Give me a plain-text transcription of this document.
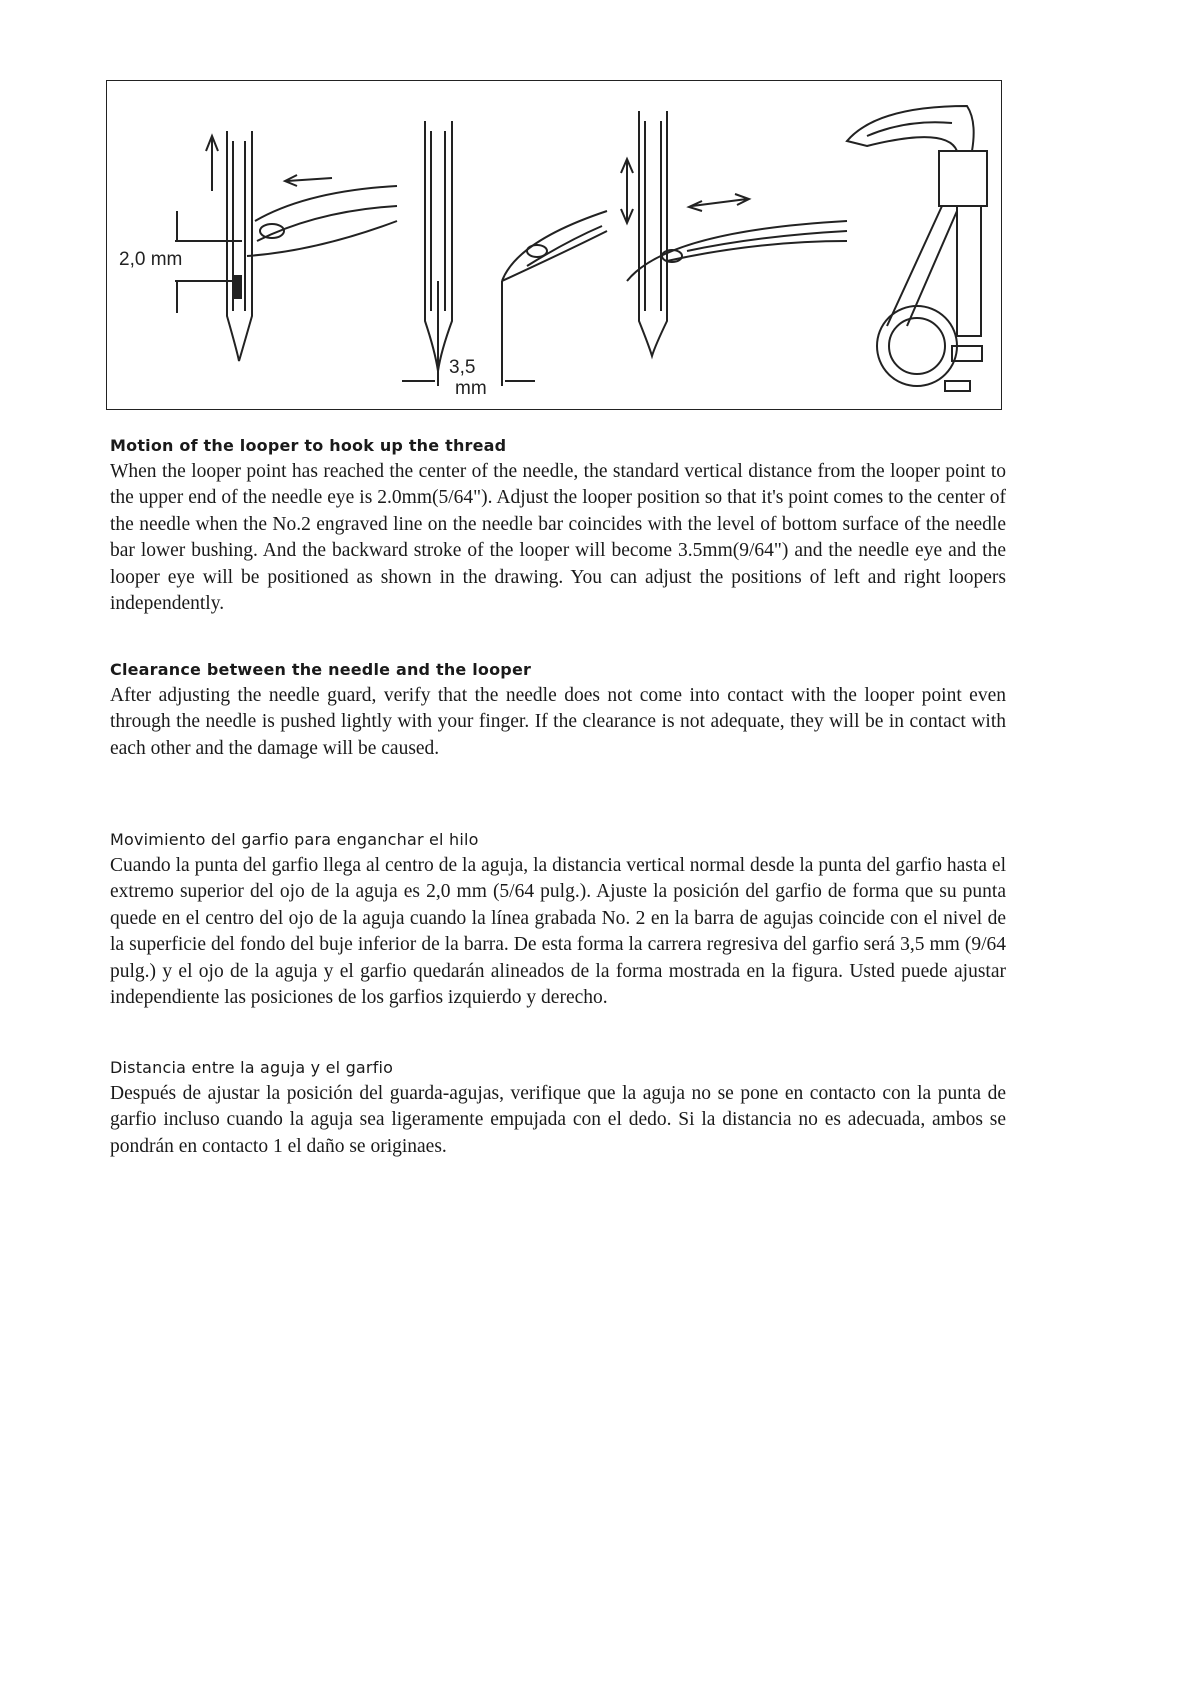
2,0 mm
3,5
mm
Motion of the looper to hook up the thread

When the looper point has reached the center of the needle, the standard vertical distance from the looper point to the upper end of the needle eye is 2.0mm(5/64"). Adjust the looper position so that it's point comes to the center of the needle when the No.2 engraved line on the needle bar coincides with the level of bottom surface of the needle bar lower bushing. And the backward stroke of the looper will become 3.5mm(9/64") and the needle eye and the looper eye will be positioned as shown in the drawing. You can adjust the positions of left and right loopers independently.

Clearance between the needle and the looper

After adjusting the needle guard, verify that the needle does not come into contact with the looper point even through the needle is pushed lightly with your finger. If the clearance is not adequate, they will be in contact with each other and the damage will be caused.

Movimiento del garfio para enganchar el hilo

Cuando la punta del garfio llega al centro de la aguja, la distancia vertical normal desde la punta del garfio hasta el extremo superior del ojo de la aguja es 2,0 mm (5/64 pulg.). Ajuste la posición del garfio de forma que su punta quede en el centro del ojo de la aguja cuando la línea grabada No. 2 en la barra de agujas coincide con el nivel de la superficie del fondo del buje inferior de la barra. De esta forma la carrera regresiva del garfio será 3,5 mm (9/64 pulg.) y el ojo de la aguja y el garfio quedarán alineados de la forma mostrada en la figura. Usted puede ajustar independiente las posiciones de los garfios izquierdo y derecho.

Distancia entre la aguja y el garfio

Después de ajustar la posición del guarda-agujas, verifique que la aguja no se pone en contacto con la punta de garfio incluso cuando la aguja sea ligeramente empujada con el dedo. Si la distancia no es adecuada, ambos se pondrán en contacto 1 el daño se originaes.
